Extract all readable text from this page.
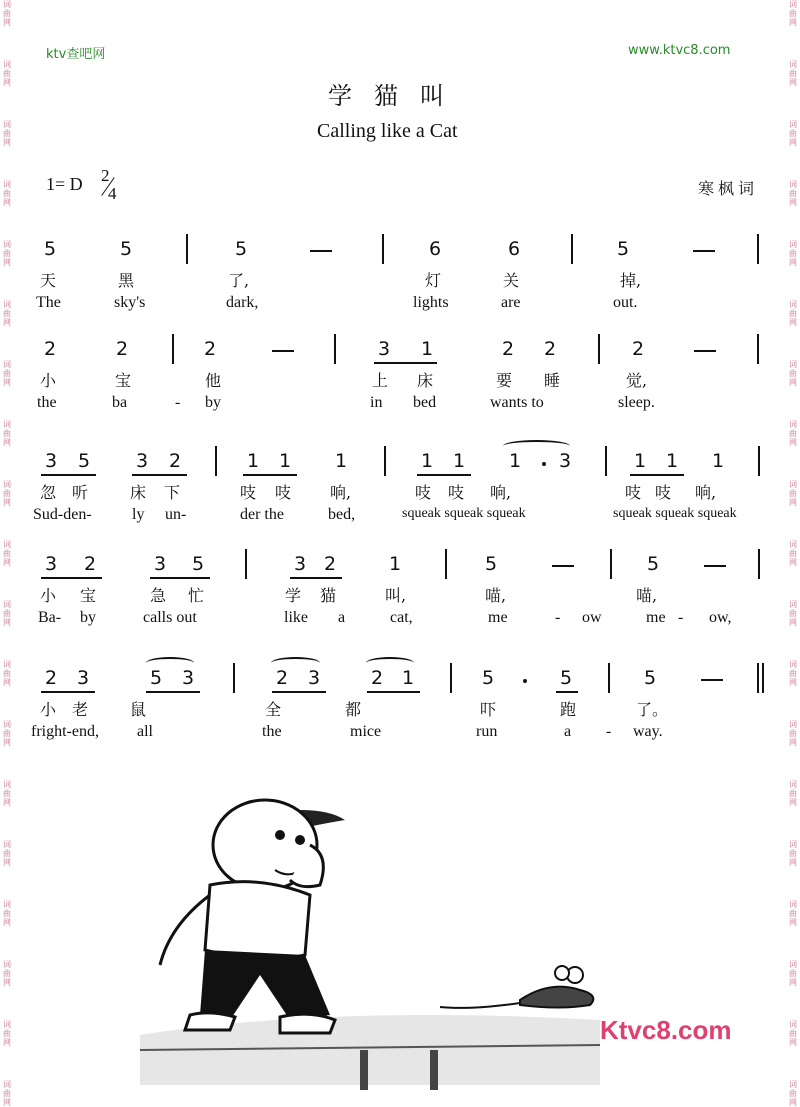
词
曲
网
词
曲
网
词
曲
网
词
曲
网
词
曲
网
词
曲
网
词
曲
网
词
曲
网
词
曲
网
词
曲
网
词
曲
网
词
曲
网
词
曲
网
词
曲
网
词
曲
网
词
曲
网
词
曲
网
词
曲
网
词
曲
网
词
曲
网
词
曲
网
词
曲
网
词
曲
网
词
曲
网
词
曲
网
词
曲
网
词
曲
网
词
曲
网
词
曲
网
词
曲
网
词
曲
网
词
曲
网
词
曲
网
词
曲
网
词
曲
网
词
曲
网
词
曲
网
词
曲
网
ktv查吧网	www.ktvc8.com
学猫叫
Calling like a Cat
1= D 2
4	寒枫词
5	5	5	6	6	5
天	黑	了,	灯	关	掉,
The	sky's	dark,	lights	are	out.
2	2	2	3 1	2 2	2
小	宝	他	上 床	要 睡	觉,
the	ba	- by	in bed	wants to	sleep.
3 5 3 2	1 1 1	1 1 1 3	1 1 1
忽 听	床 下	吱 吱 响,	吱 吱 响,	吱 吱 响,
Sud-den-	ly un-	der the	bed,	squeak squeak squeak	squeak squeak squeak
3 2	3 5	3 2	1	5	5
小 宝	急 忙	学 猫	叫,	喵,	喵,
Ba- by	calls out	like a	cat,	me	- ow	me - ow,
2 3	5 3	2 3	2 1	5	5	5
小 老	鼠	全	都	吓	跑	了。
fright-end, all	the	mice	run	a - way.
Ktvc8.com
